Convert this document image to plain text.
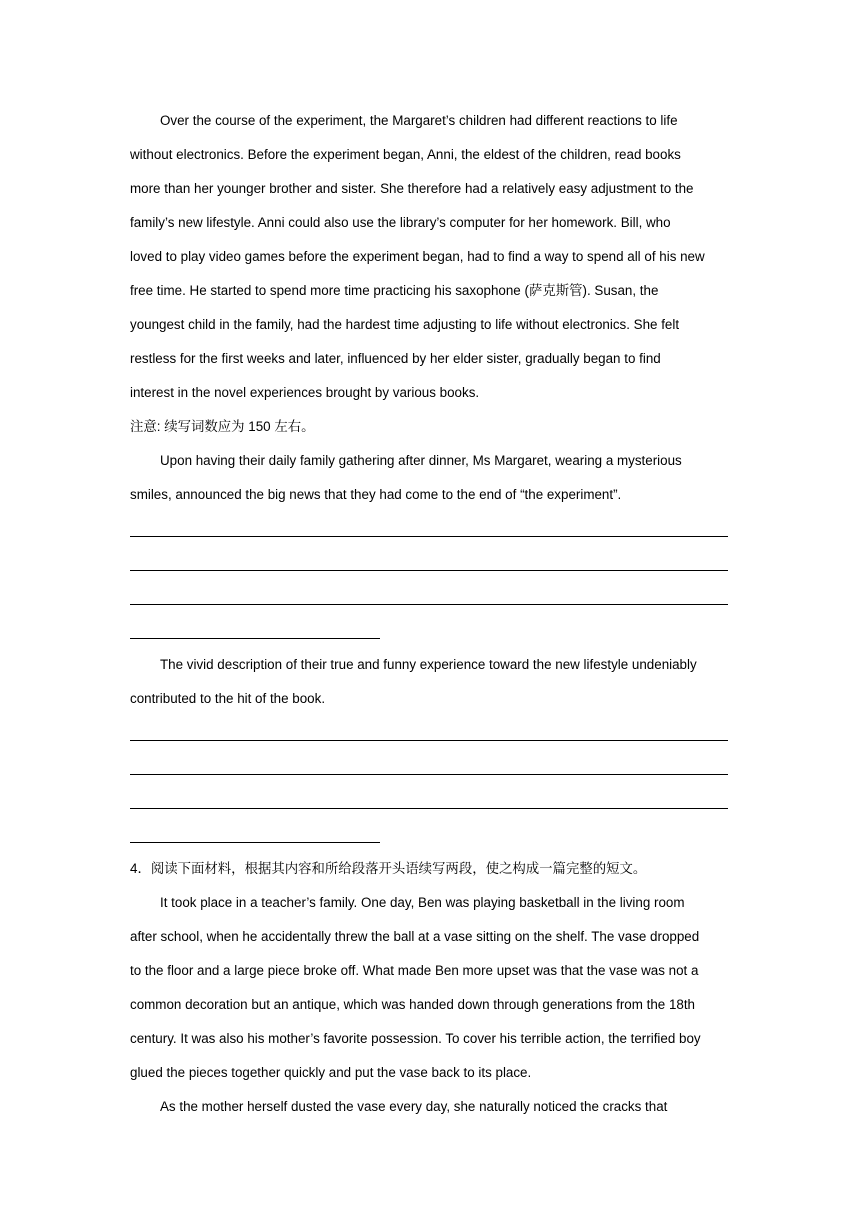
Over the course of the experiment, the Margaret’s children had different reactions to life
without electronics. Before the experiment began, Anni, the eldest of the children, read books
more than her younger brother and sister. She therefore had a relatively easy adjustment to the
family’s new lifestyle. Anni could also use the library’s computer for her homework. Bill, who
loved to play video games before the experiment began, had to find a way to spend all of his new
free time. He started to spend more time practicing his saxophone (萨克斯管). Susan, the
youngest child in the family, had the hardest time adjusting to life without electronics. She felt
restless for the first weeks and later, influenced by her elder sister, gradually began to find
interest in the novel experiences brought by various books.

注意: 续写词数应为 150 左右。

Upon having their daily family gathering after dinner, Ms Margaret, wearing a mysterious
smiles, announced the big news that they had come to the end of “the experiment”.

The vivid description of their true and funny experience toward the new lifestyle undeniably
contributed to the hit of the book.

4．阅读下面材料，根据其内容和所给段落开头语续写两段，使之构成一篇完整的短文。

It took place in a teacher’s family. One day, Ben was playing basketball in the living room
after school, when he accidentally threw the ball at a vase sitting on the shelf. The vase dropped
to the floor and a large piece broke off. What made Ben more upset was that the vase was not a
common decoration but an antique, which was handed down through generations from the 18th
century. It was also his mother’s favorite possession. To cover his terrible action, the terrified boy
glued the pieces together quickly and put the vase back to its place.

As the mother herself dusted the vase every day, she naturally noticed the cracks that
